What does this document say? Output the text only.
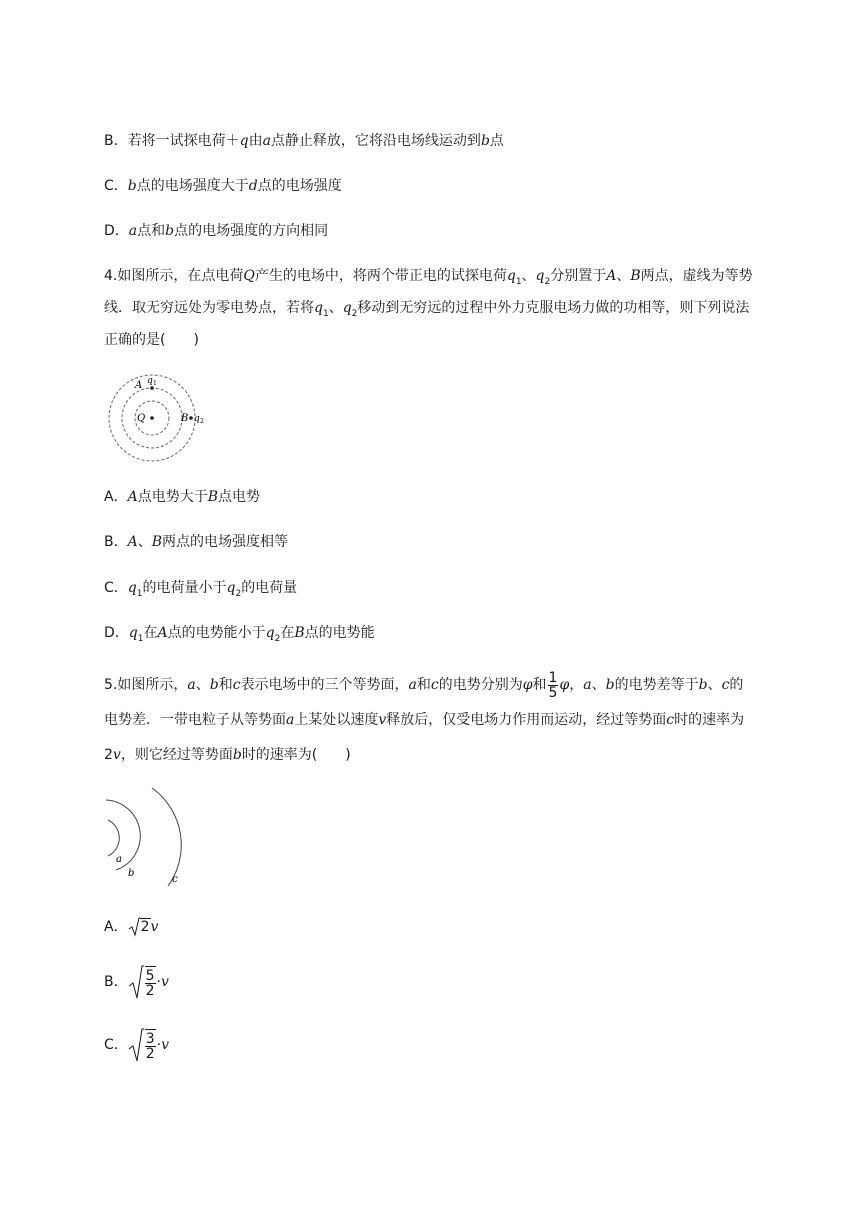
B．若将一试探电荷＋q由a点静止释放，它将沿电场线运动到b点
C．b点的电场强度大于d点的电场强度
D．a点和b点的电场强度的方向相同
4.如图所示，在点电荷Q产生的电场中，将两个带正电的试探电荷$q_1$、$q_2$分别置于A、B两点，虚线为等势线．取无穷远处为零电势点，若将$q_1$、$q_2$移动到无穷远的过程中外力克服电场力做的功相等，则下列说法正确的是(　　)
A q 1
Q	B q 2
A．A点电势大于B点电势
B．A、B两点的电场强度相等
C．$q_1$的电荷量小于$q_2$的电荷量
D．$q_1$在A点的电势能小于$q_2$在B点的电势能
5.如图所示，a、b和c表示电场中的三个等势面，a和c的电势分别为φ和 $\frac{1}{5}$ φ，a、b的电势差等于b、c的电势差．一带电粒子从等势面a上某处以速度v释放后，仅受电场力作用而运动，经过等势面c时的速率为 2v，则它经过等势面b时的速率为(　　)
a
b
c
A． 2v
B． $\frac{5}{2} \cdot v$
C． $\frac{3}{2} \cdot v$
